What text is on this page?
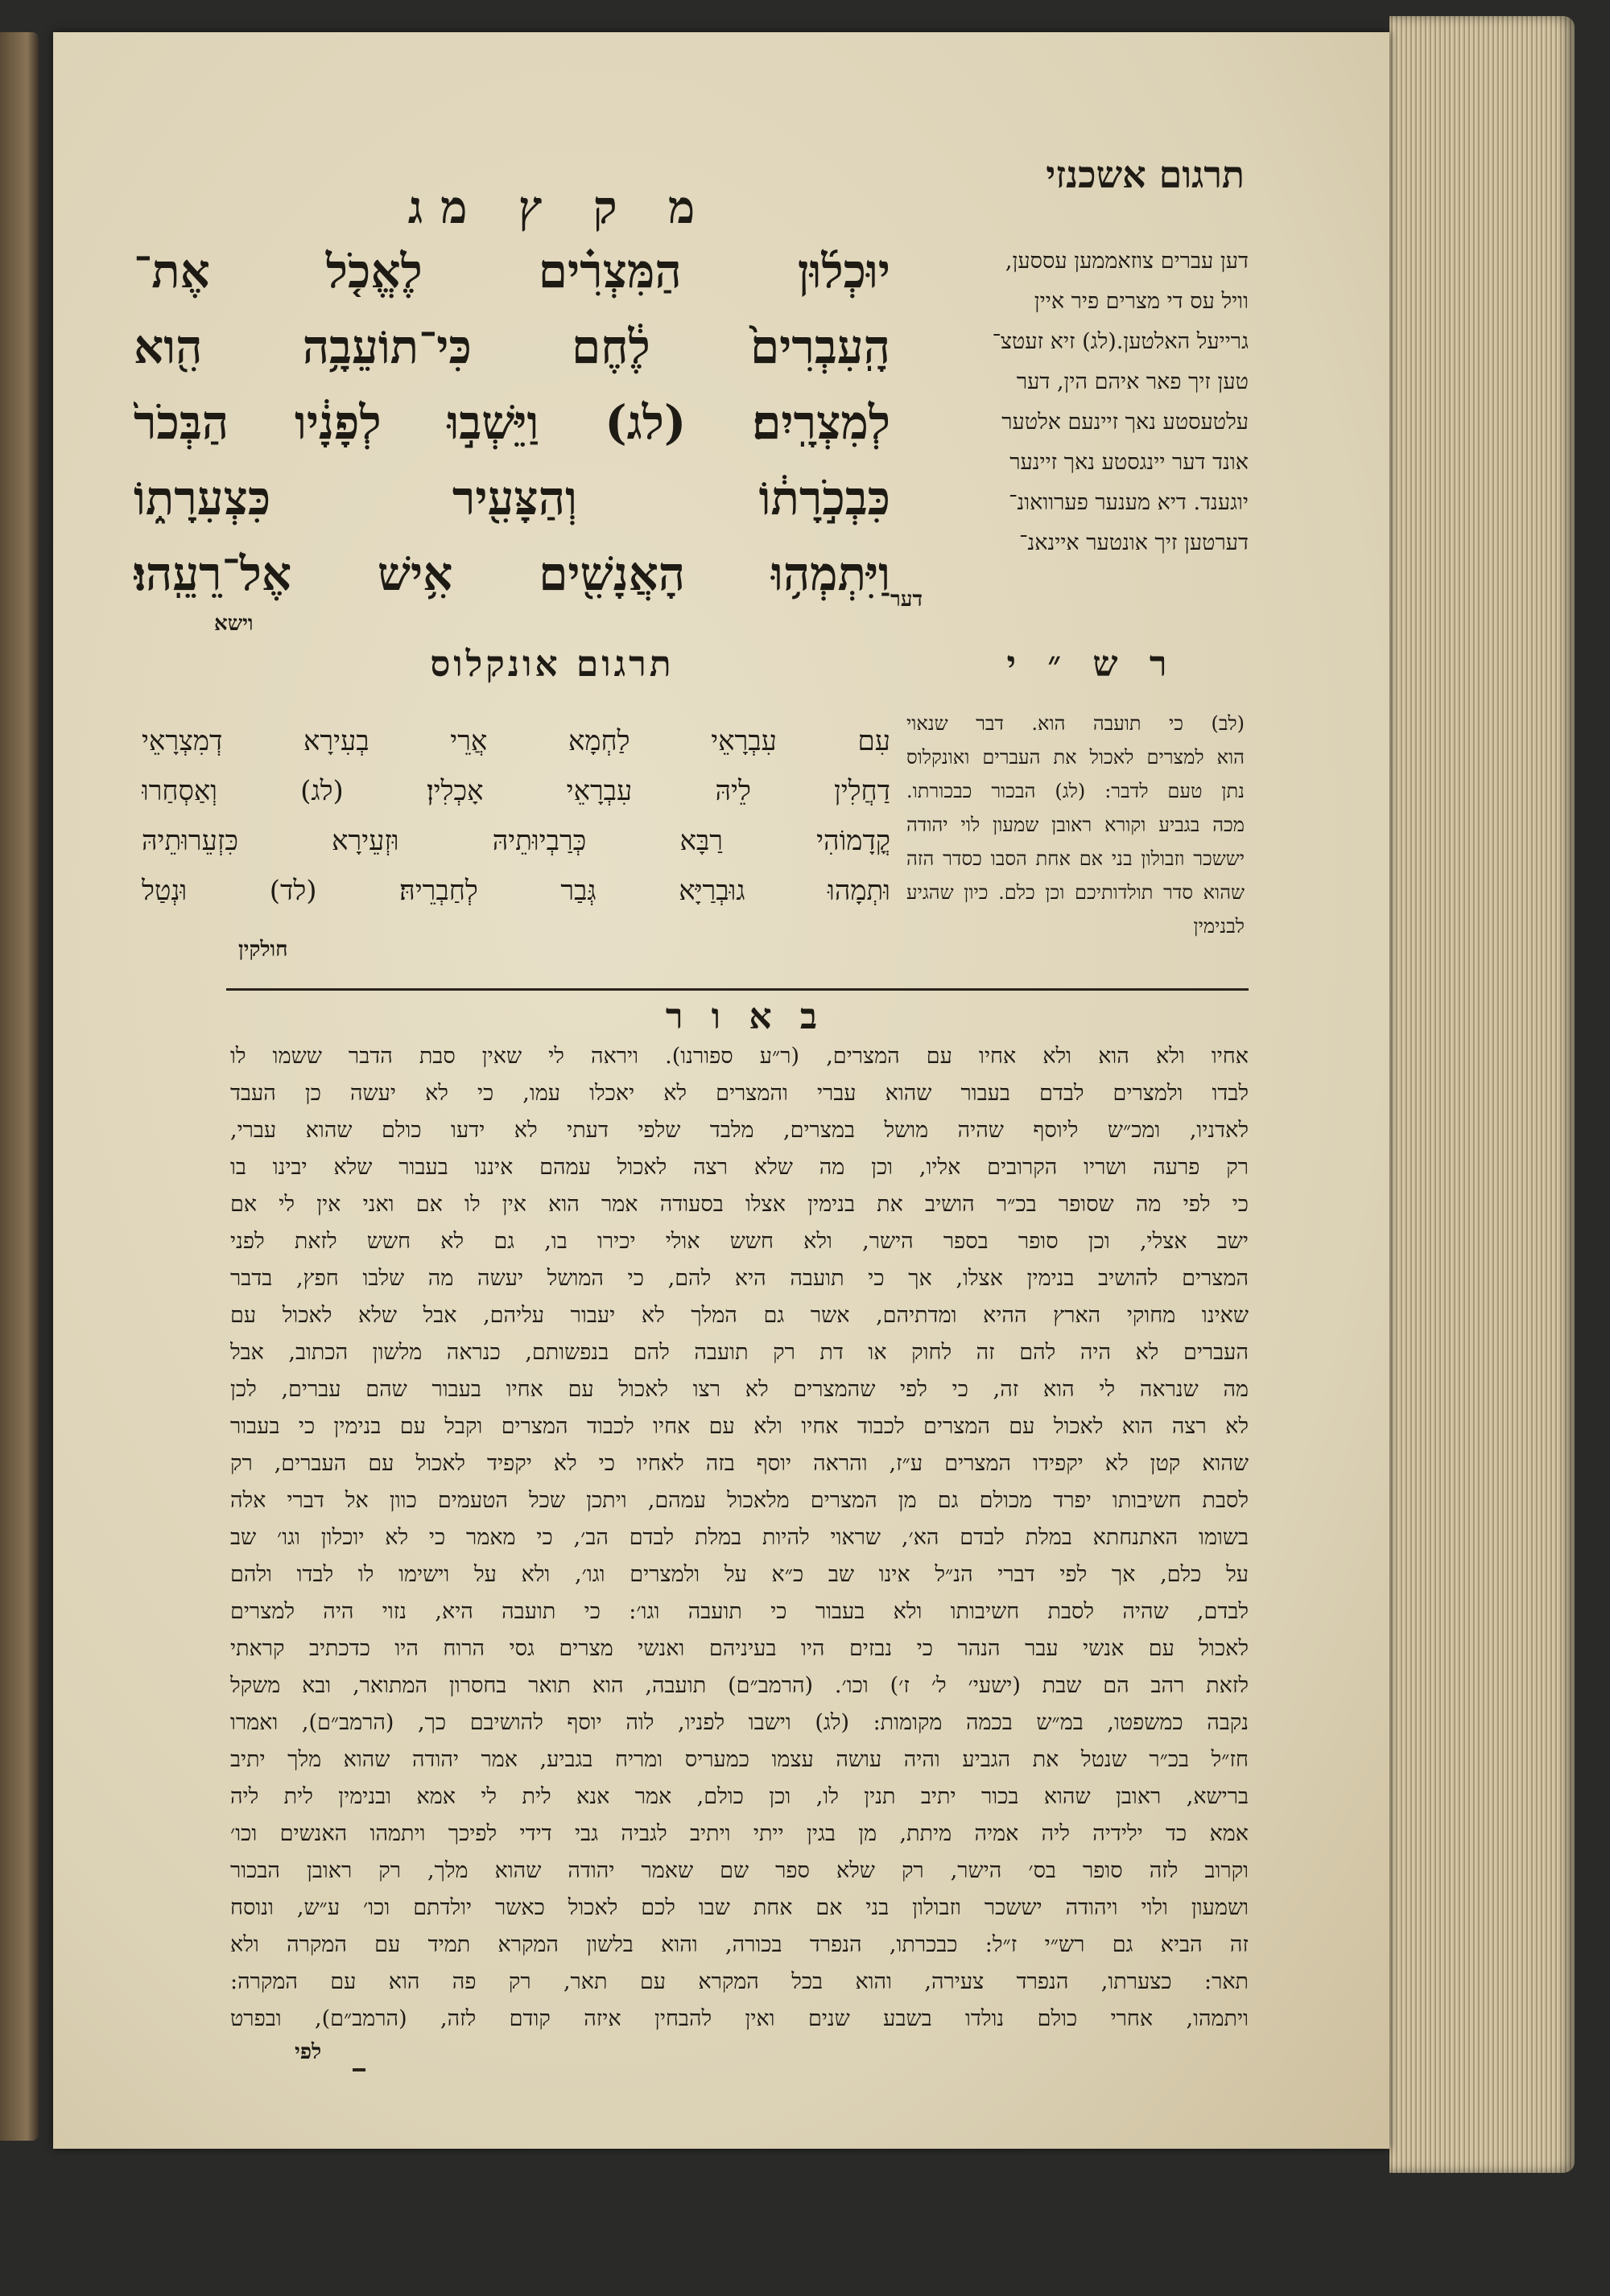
תרגום אשכנזי
דען עברים צוזאממען עססען,
וויל עס די מצרים פיר איין
גרייעל האלטען.(לג) זיא זעטצ־
טען זיך פאר איהם הין, דער
עלטעסטע נאך זיינעם אלטער
אונד דער יינגסטע נאך זיינער
יוגענד. דיא מענער פערוואונ־
דערטען זיך אונטער איינאנ־
דער
מ ק ץ מג
יוּכְל֜וּן הַמִּצְרִ֗ים לֶאֱכֹ֤ל אֶת־
הָֽעִבְרִים֙ לֶ֔חֶם כִּי־תוֹעֵבָ֥ה הִ֖וא
לְמִצְרָֽיִם׃ (לג) וַיֵּשְׁב֣וּ לְפָנָ֔יו הַבְּכֹר֙
כִּבְכֹ֣רָת֔וֹ וְהַצָּעִ֖יר כִּצְעִרָת֑וֹ
וַיִּתְמְה֥וּ הָאֲנָשִׁ֖ים אִ֥ישׁ אֶל־רֵעֵֽהוּ׃
וישא
תרגום אונקלוס
עִם עִבְרָאֵי לַחְמָא אֲרֵי בְעִירָא דְמִצְרָאֵי
דַחֲלִין לֵיהּ עִבְרָאֵי אָכְלִין׃ (לג) וְאַסְחַרוּ
קֳדָמוֹהִי רַבָּא כְּרַבְיוּתֵיהּ וּזְעֵירָא כִּזְעֵרוּתֵיהּ
וּתְמָהוּ גוּבְרַיָּא גְּבַר לְחַבְרֵיהּ׃ (לד) וּנְטַל
חולקין
ר ש ״ י
(לב) כי תועבה הוא. דבר שנאוי
הוא למצרים לאכול את העברים ואונקלוס
נתן טעם לדבר: (לג) הבכור כבכורתו.
מכה בגביע וקורא ראובן שמעון לוי יהודה
יששכר וזבולון בני אם אחת הסבו כסדר הזה
שהוא סדר תולדותיכם וכן כלם. כיון שהגיע
לבנימין
ב א ו ר
אחיו ולא הוא ולא אחיו עם המצרים, (ר״ע ספורנו). ויראה לי שאין סבת הדבר ששמו לו
לבדו ולמצרים לבדם בעבור שהוא עברי והמצרים לא יאכלו עמו, כי לא יעשה כן העבד
לאדניו, ומכ״ש ליוסף שהיה מושל במצרים, מלבד שלפי דעתי לא ידעו כולם שהוא עברי,
רק פרעה ושריו הקרובים אליו, וכן מה שלא רצה לאכול עמהם איננו בעבור שלא יבינו בו
כי לפי מה שסופר בכ״ר הושיב את בנימין אצלו בסעודה אמר הוא אין לו אם ואני אין לי אם
ישב אצלי, וכן סופר בספר הישר, ולא חשש אולי יכירו בו, גם לא חשש לזאת לפני
המצרים להושיב בנימין אצלו, אך כי תועבה היא להם, כי המושל יעשה מה שלבו חפץ, בדבר
שאינו מחוקי הארץ ההיא ומדתיהם, אשר גם המלך לא יעבור עליהם, אבל שלא לאכול עם
העברים לא היה להם זה לחוק או דת רק תועבה להם בנפשותם, כנראה מלשון הכתוב, אבל
מה שנראה לי הוא זה, כי לפי שהמצרים לא רצו לאכול עם אחיו בעבור שהם עברים, לכן
לא רצה הוא לאכול עם המצרים לכבוד אחיו ולא עם אחיו לכבוד המצרים וקבל עם בנימין כי בעבור
שהוא קטן לא יקפידו המצרים ע״ז, והראה יוסף בזה לאחיו כי לא יקפיד לאכול עם העברים, רק
לסבת חשיבותו יפרד מכולם גם מן המצרים מלאכול עמהם, ויתכן שכל הטעמים כוון אל דברי אלה
בשומו האתנחתא במלת לבדם הא׳, שראוי להיות במלת לבדם הב׳, כי מאמר כי לא יוכלון וגו׳ שב
על כלם, אך לפי דברי הנ״ל אינו שב כ״א על ולמצרים וגו׳, ולא על וישימו לו לבדו ולהם
לבדם, שהיה לסבת חשיבותו ולא בעבור כי תועבה וגו׳: כי תועבה היא, נזוי היה למצרים
לאכול עם אנשי עבר הנהר כי נבזים היו בעיניהם ואנשי מצרים גסי הרוח היו כדכתיב קראתי
לזאת רהב הם שבת (ישעי׳ ל׳ ז׳) וכו׳. (הרמב״ם) תועבה, הוא תואר בחסרון המתואר, ובא משקל
נקבה כמשפטו, במ״ש בכמה מקומות: (לג) וישבו לפניו, לוה יוסף להושיבם כך, (הרמב״ם), ואמרו
חז״ל בכ״ר שנטל את הגביע והיה עושה עצמו כמעריס ומריח בגביע, אמר יהודה שהוא מלך יתיב
ברישא, ראובן שהוא בכור יתיב תנין לו, וכן כולם, אמר אנא לית לי אמא ובנימין לית ליה
אמא כד ילידיה ליה אמיה מיתת, מן בגין ייתי ויתיב לגביה גבי דידי לפיכך ויתמהו האנשים וכו׳
וקרוב לזה סופר בס׳ הישר, רק שלא ספר שם שאמר יהודה שהוא מלך, רק ראובן הבכור
ושמעון ולוי ויהודה יששכר וזבולון בני אם אחת שבו לכם לאכול כאשר יולדתם וכו׳ ע״ש, ונוסח
זה הביא גם רש״י ז״ל: כבכרתו, הנפרד בכורה, והוא בלשון המקרא תמיד עם המקרה ולא
תאר: כצערתו, הנפרד צעירה, והוא בכל המקרא עם תאר, רק פה הוא עם המקרה:
ויתמהו, אחרי כולם נולדו בשבע שנים ואין להבחין איזה קודם לזה, (הרמב״ם), ובפרט
לפי
